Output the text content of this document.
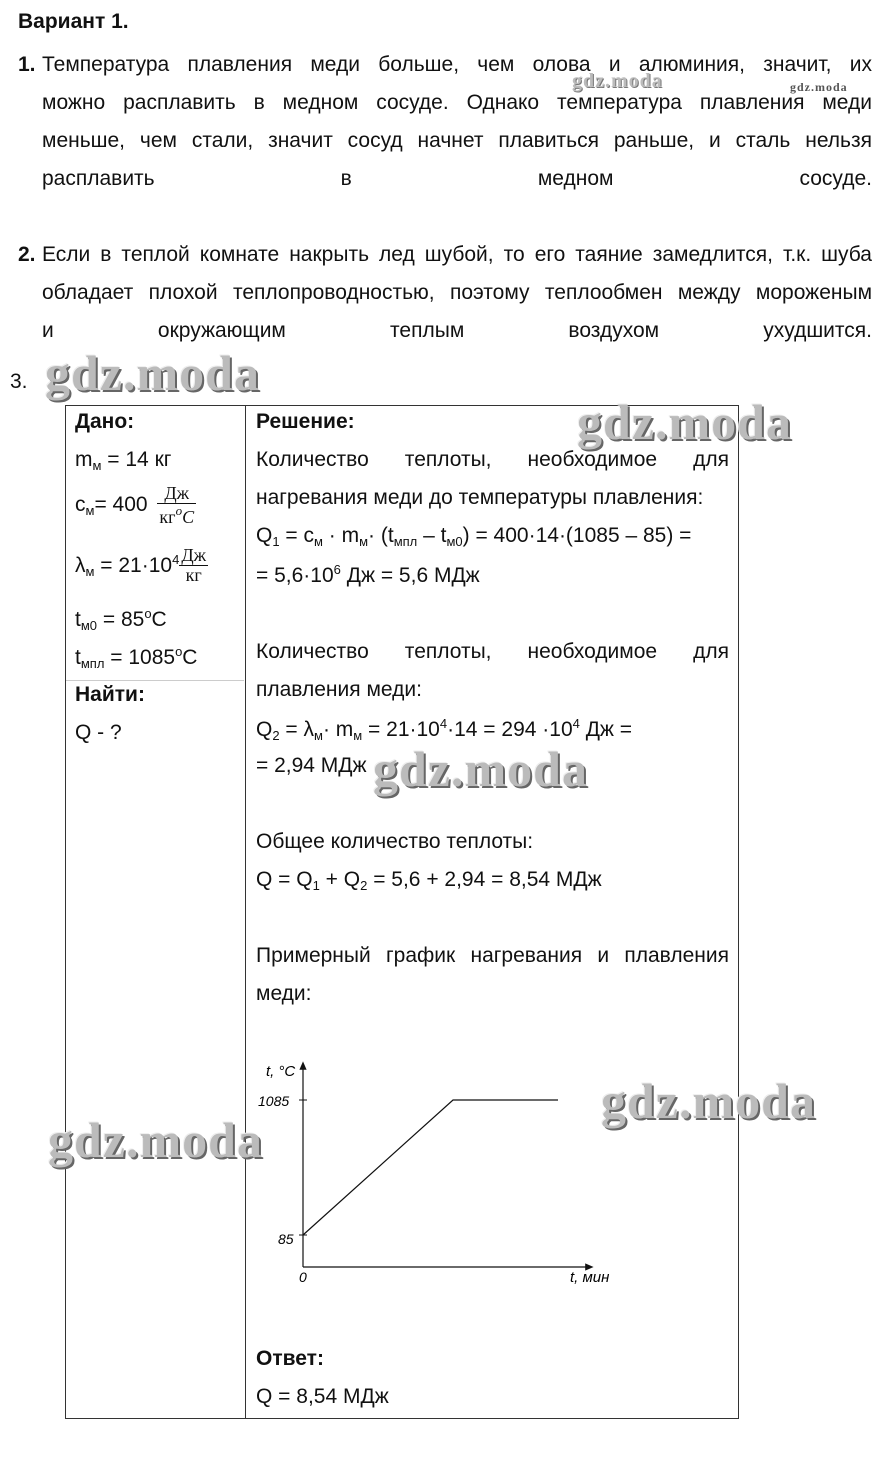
Вариант 1.
1. Температура плавления меди больше, чем олова и алюминия, значит, их
можно расплавить в медном сосуде. Однако температура плавления меди
меньше, чем стали, значит сосуд начнет плавиться раньше, и сталь нельзя
расплавить в медном сосуде.
2. Если в теплой комнате накрыть лед шубой, то его таяние замедлится, т.к. шуба
обладает плохой теплопроводностью, поэтому теплообмен между мороженым
и окружающим теплым воздухом ухудшится.
3.
Дано:
$m_м = 14$ кг
$c_м= 400 \frac{Дж}{кг^oC}$
$\lambda_м = 21\cdot 10^4 \frac{Дж}{кг}$
$t_{м0} = 85^oC$
$t_{мпл} = 1085^oC$
Найти:
Q - ?
Решение:
Количество теплоты, необходимое для
нагревания меди до температуры плавления:
$Q_1 = c_м \cdot m_м\cdot (t_{мпл} - t_{м0}) = 400\cdot 14\cdot(1085 - 85)$ =
= $5,6\cdot 10^6$ Дж = 5,6 МДж
Количество теплоты, необходимое для
плавления меди:
$Q_2 = \lambda_м\cdot m_м = 21\cdot 10^4\cdot 14 = 294 \cdot 10^4$ Дж =
= 2,94 МДж
Общее количество теплоты:
$Q = Q_1 + Q_2 = 5,6 + 2,94 = 8,54$ МДж
Примерный график нагревания и плавления
меди:
t, °C
1085
85
0	t, мин
Ответ:
Q = 8,54 МДж
gdz.moda	gdz.moda
gdz.moda
gdz.moda
gdz.moda
gdz.moda
gdz.moda
